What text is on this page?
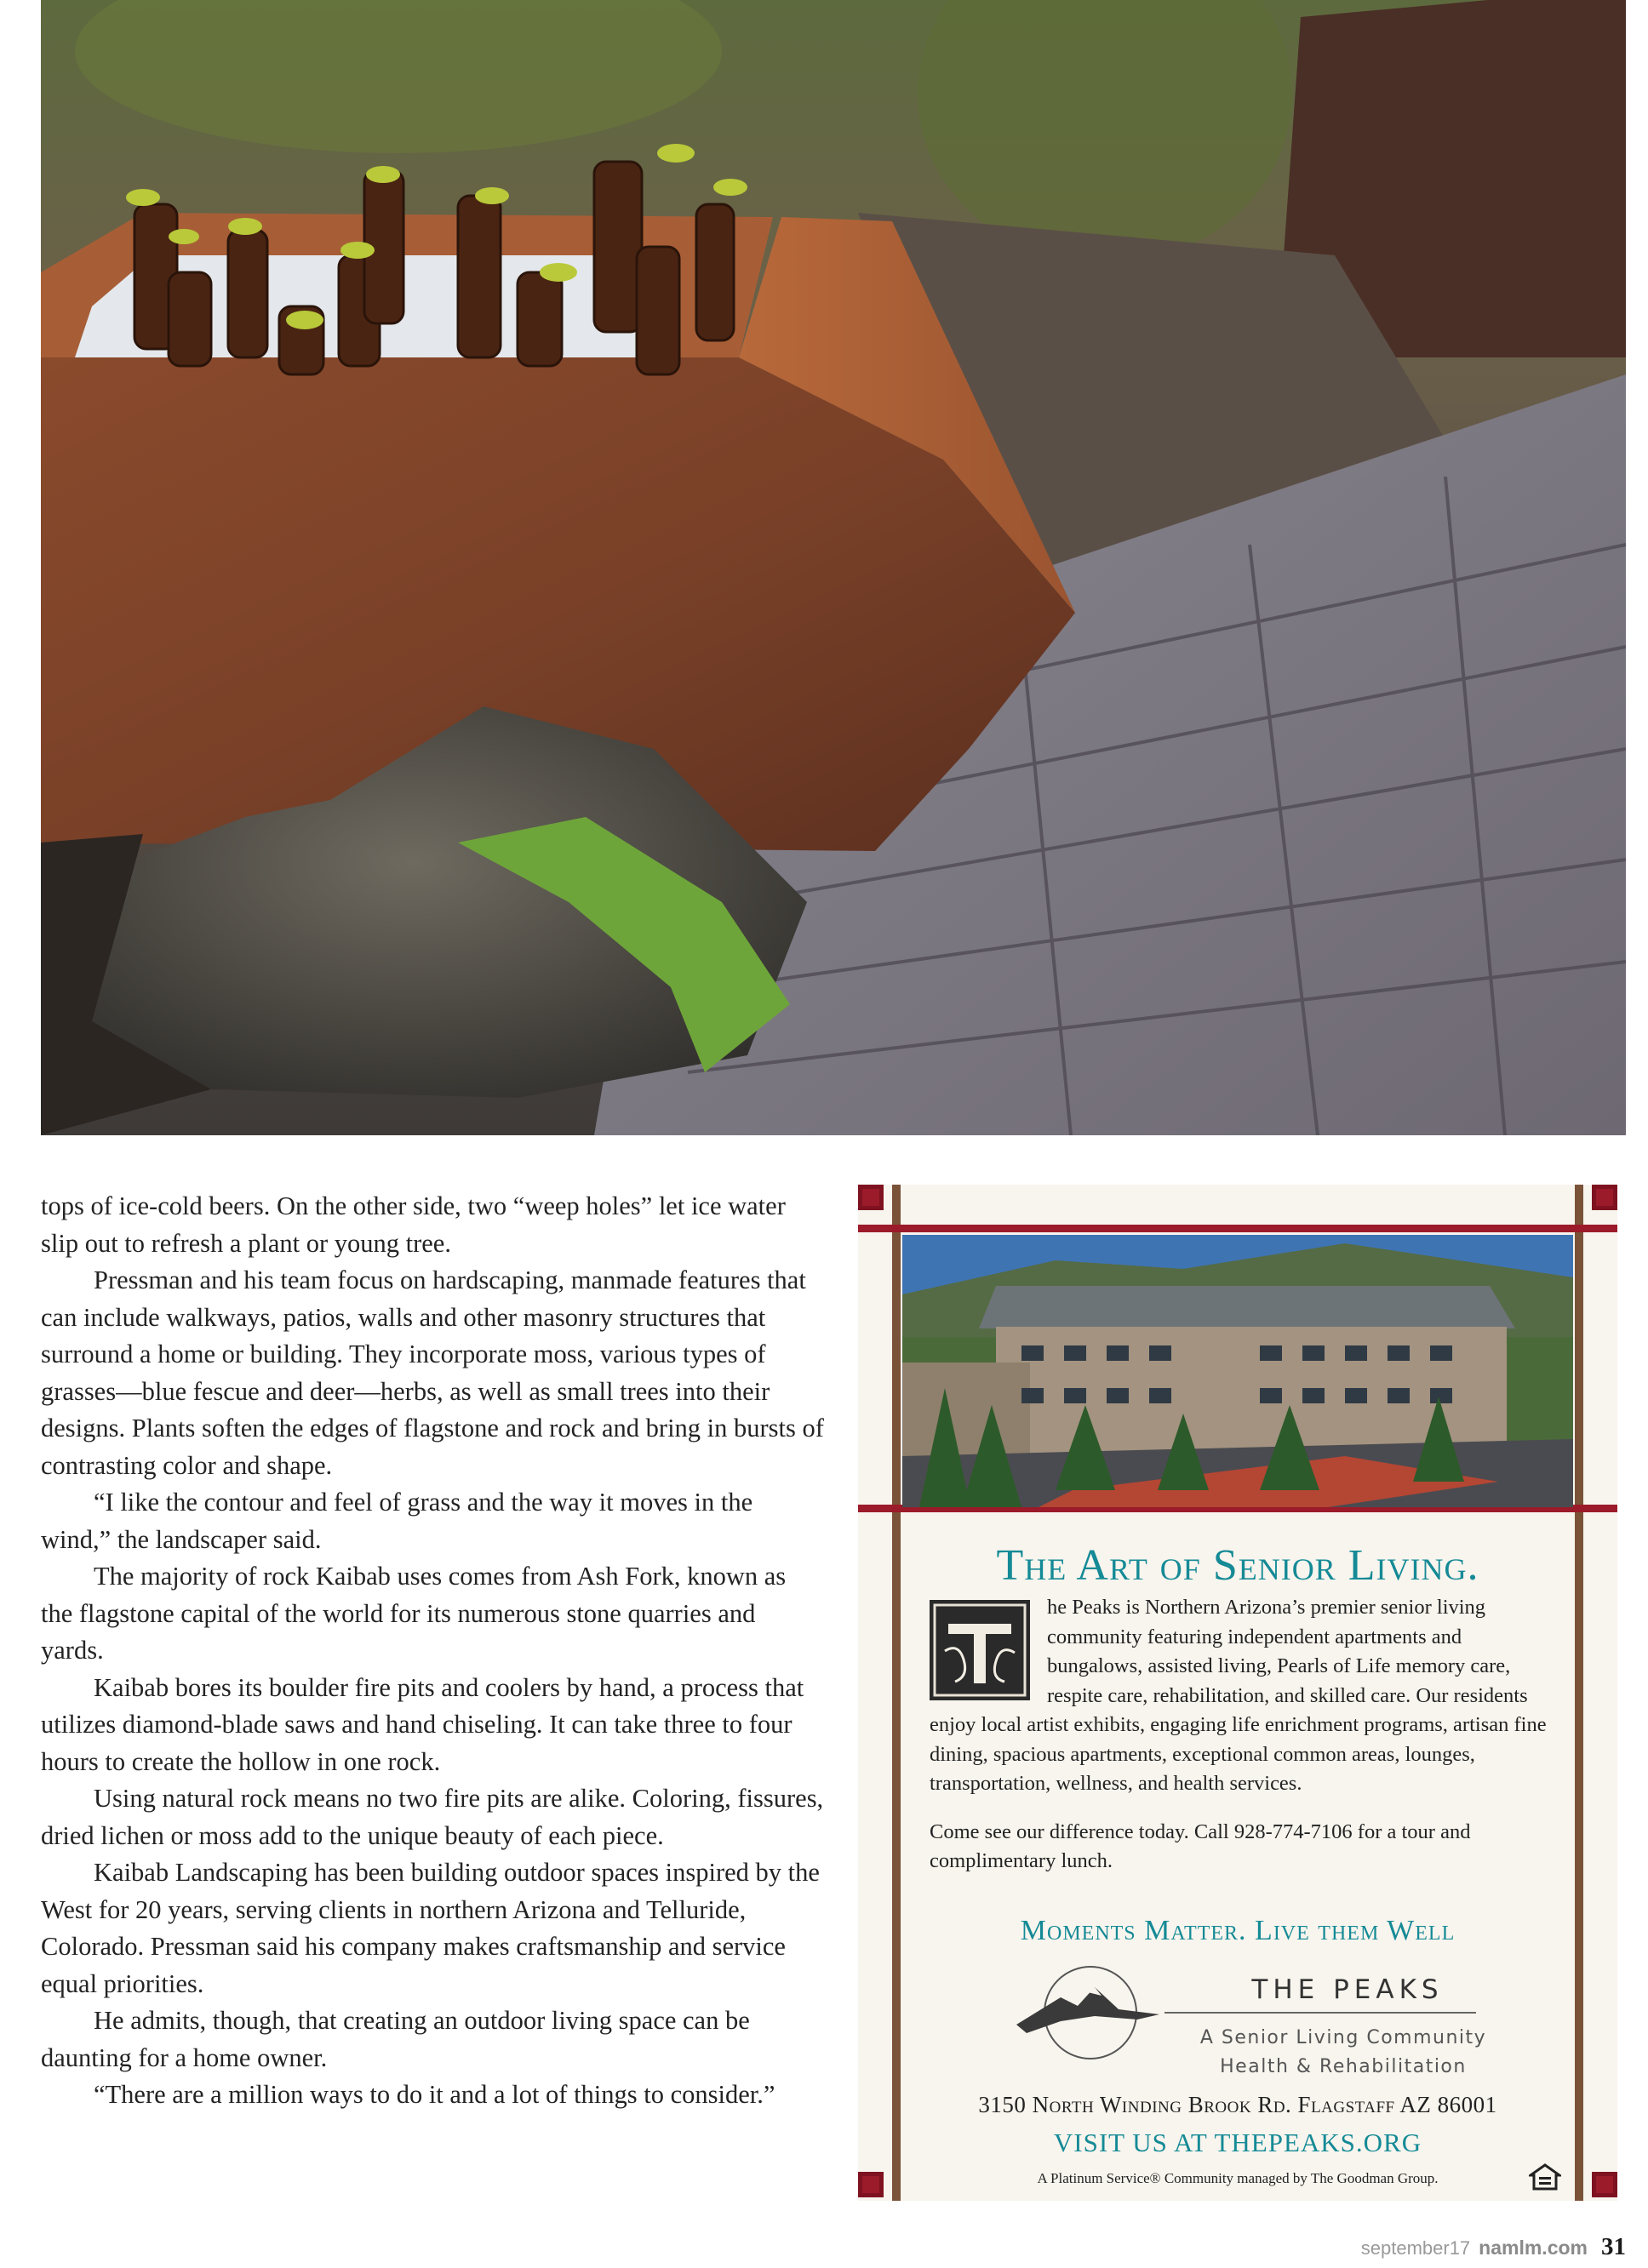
tops of ice-cold beers. On the other side, two “weep holes” let ice water slip out to refresh a plant or young tree.

Pressman and his team focus on hardscaping, manmade features that can include walkways, patios, walls and other masonry structures that surround a home or building. They incorporate moss, various types of grasses—blue fescue and deer—herbs, as well as small trees into their designs. Plants soften the edges of flagstone and rock and bring in bursts of contrasting color and shape.

“I like the contour and feel of grass and the way it moves in the wind,” the landscaper said.

The majority of rock Kaibab uses comes from Ash Fork, known as the flagstone capital of the world for its numerous stone quarries and yards.

Kaibab bores its boulder fire pits and coolers by hand, a process that utilizes diamond-blade saws and hand chiseling. It can take three to four hours to create the hollow in one rock.

Using natural rock means no two fire pits are alike. Coloring, fissures, dried lichen or moss add to the unique beauty of each piece.

Kaibab Landscaping has been building outdoor spaces inspired by the West for 20 years, serving clients in northern Arizona and Telluride, Colorado. Pressman said his company makes craftsmanship and service equal priorities.

He admits, though, that creating an outdoor living space can be daunting for a home owner.

“There are a million ways to do it and a lot of things to consider.”

The Art of Senior Living.

he Peaks is Northern Arizona’s premier senior living community featuring independent apartments and bungalows, assisted living, Pearls of Life memory care, respite care, rehabilitation, and skilled care. Our residents enjoy local artist exhibits, engaging life enrichment programs, artisan fine dining, spacious apartments, exceptional common areas, lounges, transportation, wellness, and health services.

Come see our difference today. Call 928-774-7106 for a tour and complimentary lunch.

Moments Matter. Live them Well
THE PEAKS
A Senior Living Community
Health & Rehabilitation
3150 North Winding Brook Rd. Flagstaff AZ 86001
VISIT US AT THEPEAKS.ORG
A Platinum Service® Community managed by The Goodman Group.
september17 namlm.com 31
